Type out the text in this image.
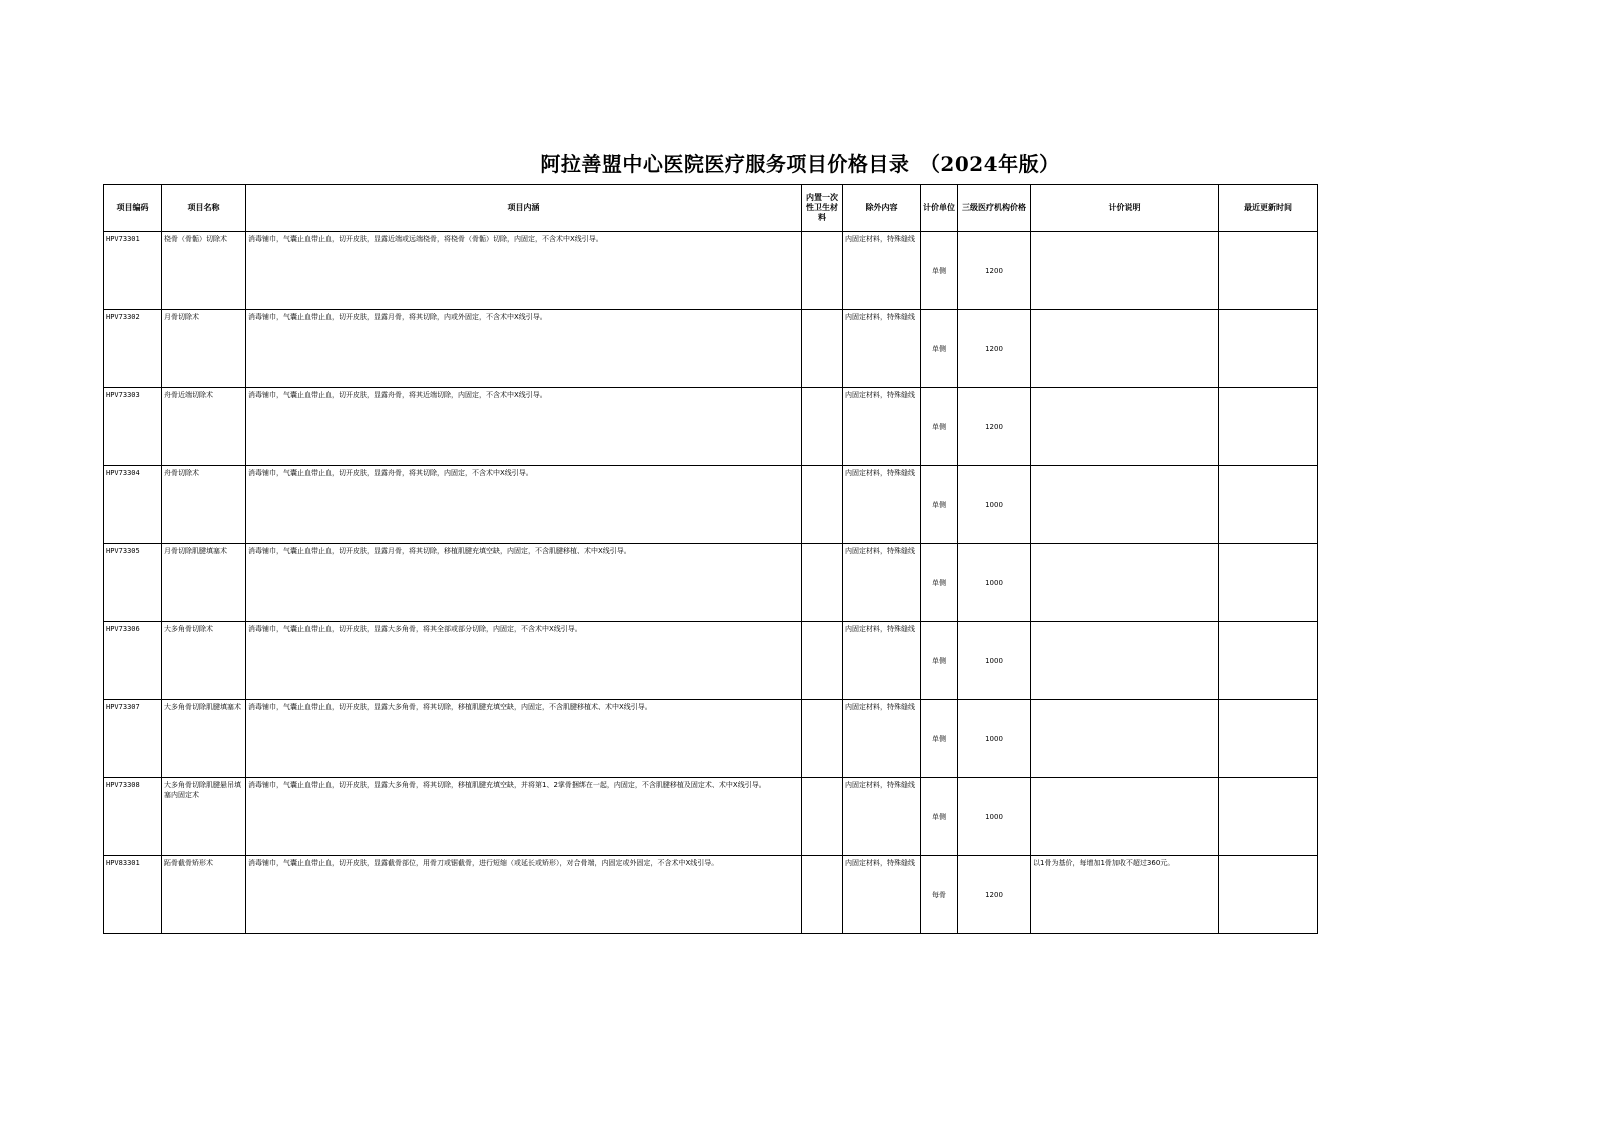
阿拉善盟中心医院医疗服务项目价格目录　（2024年版）
项目编码	项目名称	项目内涵	内置一次性卫生材料	除外内容	计价单位	三级医疗机构价格	计价说明	最近更新时间
HPV73301	桡骨（骨骺）切除术	消毒铺巾，气囊止血带止血，切开皮肤，显露近端或远端桡骨，将桡骨（骨骺）切除，内固定，不含术中X线引导。		内固定材料，特殊缝线	单侧	1200		
HPV73302	月骨切除术	消毒铺巾，气囊止血带止血，切开皮肤，显露月骨，将其切除，内或外固定，不含术中X线引导。		内固定材料，特殊缝线	单侧	1200		
HPV73303	舟骨近端切除术	消毒铺巾，气囊止血带止血，切开皮肤，显露舟骨，将其近端切除，内固定，不含术中X线引导。		内固定材料，特殊缝线	单侧	1200		
HPV73304	舟骨切除术	消毒铺巾，气囊止血带止血，切开皮肤，显露舟骨，将其切除，内固定，不含术中X线引导。		内固定材料，特殊缝线	单侧	1000		
HPV73305	月骨切除肌腱填塞术	消毒铺巾，气囊止血带止血，切开皮肤，显露月骨，将其切除，移植肌腱充填空缺，内固定，不含肌腱移植、术中X线引导。		内固定材料，特殊缝线	单侧	1000		
HPV73306	大多角骨切除术	消毒铺巾，气囊止血带止血，切开皮肤，显露大多角骨，将其全部或部分切除，内固定，不含术中X线引导。		内固定材料，特殊缝线	单侧	1000		
HPV73307	大多角骨切除肌腱填塞术	消毒铺巾，气囊止血带止血，切开皮肤，显露大多角骨，将其切除，移植肌腱充填空缺，内固定，不含肌腱移植术、术中X线引导。		内固定材料，特殊缝线	单侧	1000		
HPV73308	大多角骨切除肌腱悬吊填塞内固定术	消毒铺巾，气囊止血带止血，切开皮肤，显露大多角骨，将其切除，移植肌腱充填空缺，并将第1、2掌骨捆绑在一起，内固定，不含肌腱移植及固定术、术中X线引导。		内固定材料，特殊缝线	单侧	1000		
HPV83301	跖骨截骨矫形术	消毒铺巾，气囊止血带止血，切开皮肤，显露截骨部位，用骨刀或锯截骨，进行短缩（或延长或矫形），对合骨端，内固定或外固定，不含术中X线引导。		内固定材料，特殊缝线	每骨	1200	以1骨为基价，每增加1骨加收不超过360元。	
